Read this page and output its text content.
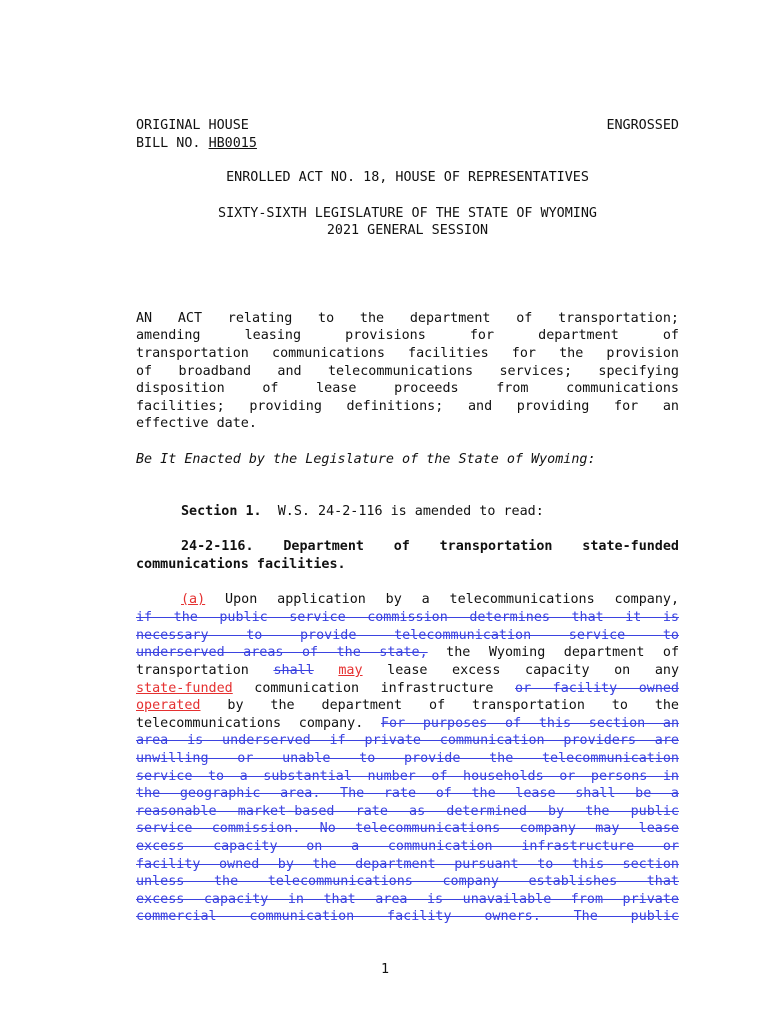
ORIGINAL HOUSE	ENGROSSED
BILL NO. HB0015
ENROLLED ACT NO. 18, HOUSE OF REPRESENTATIVES
SIXTY-SIXTH LEGISLATURE OF THE STATE OF WYOMING
2021 GENERAL SESSION
AN ACT relating to the department of transportation;
amending leasing provisions for department of
transportation communications facilities for the provision
of broadband and telecommunications services; specifying
disposition of lease proceeds from communications
facilities; providing definitions; and providing for an
effective date.
Be It Enacted by the Legislature of the State of Wyoming:
Section 1. W.S. 24-2-116 is amended to read:
24-2-116. Department of transportation state-funded
communications facilities.
(a) Upon application by a telecommunications company,
if the public service commission determines that it is
necessary to provide telecommunication service to
underserved areas of the state, the Wyoming department of
transportation shall may lease excess capacity on any
state-funded communication infrastructure or facility owned
operated by the department of transportation to the
telecommunications company. For purposes of this section an
area is underserved if private communication providers are
unwilling or unable to provide the telecommunication
service to a substantial number of households or persons in
the geographic area. The rate of the lease shall be a
reasonable market-based rate as determined by the public
service commission. No telecommunications company may lease
excess capacity on a communication infrastructure or
facility owned by the department pursuant to this section
unless the telecommunications company establishes that
excess capacity in that area is unavailable from private
commercial communication facility owners. The public
1
